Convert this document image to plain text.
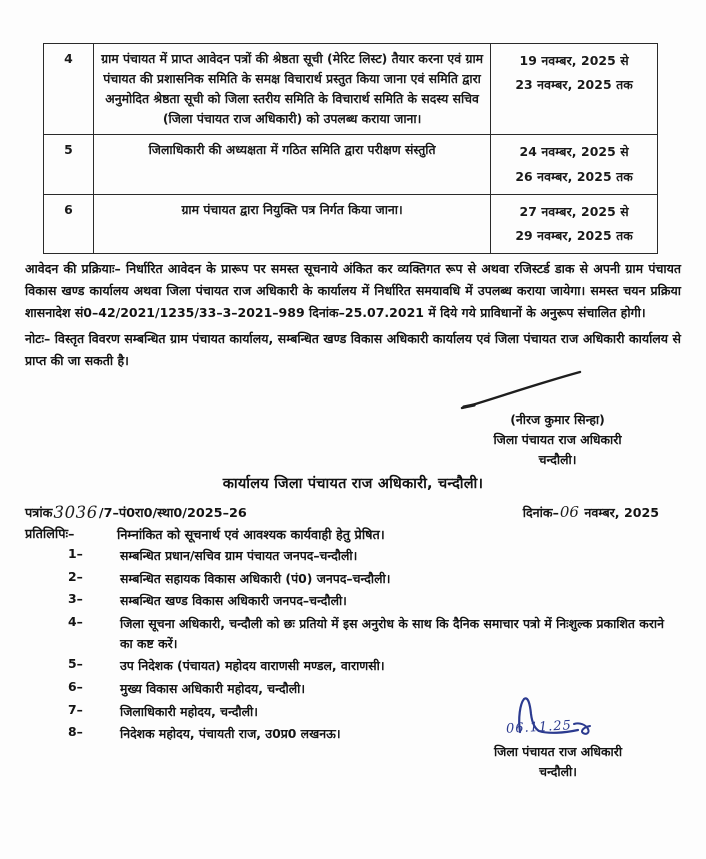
4	ग्राम पंचायत में प्राप्त आवेदन पत्रों की श्रेष्ठता सूची (मेरिट लिस्ट) तैयार करना एवं ग्राम पंचायत की प्रशासनिक समिति के समक्ष विचारार्थ प्रस्तुत किया जाना एवं समिति द्वारा अनुमोदित श्रेष्ठता सूची को जिला स्तरीय समिति के विचारार्थ समिति के सदस्य सचिव (जिला पंचायत राज अधिकारी) को उपलब्ध कराया जाना।	19 नवम्बर, 2025 से
23 नवम्बर, 2025 तक

5	जिलाधिकारी की अध्यक्षता में गठित समिति द्वारा परीक्षण संस्तुति	24 नवम्बर, 2025 से
26 नवम्बर, 2025 तक

6	ग्राम पंचायत द्वारा नियुक्ति पत्र निर्गत किया जाना।	27 नवम्बर, 2025 से
29 नवम्बर, 2025 तक

आवेदन की प्रक्रियाः– निर्धारित आवेदन के प्रारूप पर समस्त सूचनाये अंकित कर व्यक्तिगत रूप से अथवा रजिस्टर्ड डाक से अपनी ग्राम पंचायत विकास खण्ड कार्यालय अथवा जिला पंचायत राज अधिकारी के कार्यालय में निर्धारित समयावधि में उपलब्ध कराया जायेगा। समस्त चयन प्रक्रिया शासनादेश सं0–42/2021/1235/33–3–2021–989 दिनांक–25.07.2021 में दिये गये प्राविधानों के अनुरूप संचालित होगी।

नोटः– विस्तृत विवरण सम्बन्धित ग्राम पंचायत कार्यालय, सम्बन्धित खण्ड विकास अधिकारी कार्यालय एवं जिला पंचायत राज अधिकारी कार्यालय से प्राप्त की जा सकती है।

(नीरज कुमार सिन्हा)
जिला पंचायत राज अधिकारी
चन्दौली।
कार्यालय जिला पंचायत राज अधिकारी, चन्दौली।
पत्रांक3036/7–पं0रा0/स्था0/2025–26	दिनांक–06 नवम्बर, 2025
प्रतिलिपिः–	निम्नांकित को सूचनार्थ एवं आवश्यक कार्यवाही हेतु प्रेषित।
1–	सम्बन्धित प्रधान/सचिव ग्राम पंचायत जनपद–चन्दौली।
2–	सम्बन्धित सहायक विकास अधिकारी (पं0) जनपद–चन्दौली।
3–	सम्बन्धित खण्ड विकास अधिकारी जनपद–चन्दौली।
4–	जिला सूचना अधिकारी, चन्दौली को छः प्रतियो में इस अनुरोध के साथ कि दैनिक समाचार पत्रो में निःशुल्क प्रकाशित कराने का कष्ट करें।
5–	उप निदेशक (पंचायत) महोदय वाराणसी मण्डल, वाराणसी।
6–	मुख्य विकास अधिकारी महोदय, चन्दौली।
7–	जिलाधिकारी महोदय, चन्दौली।
8–	निदेशक महोदय, पंचायती राज, उ0प्र0 लखनऊ।	06.11.25
जिला पंचायत राज अधिकारी
चन्दौली।
